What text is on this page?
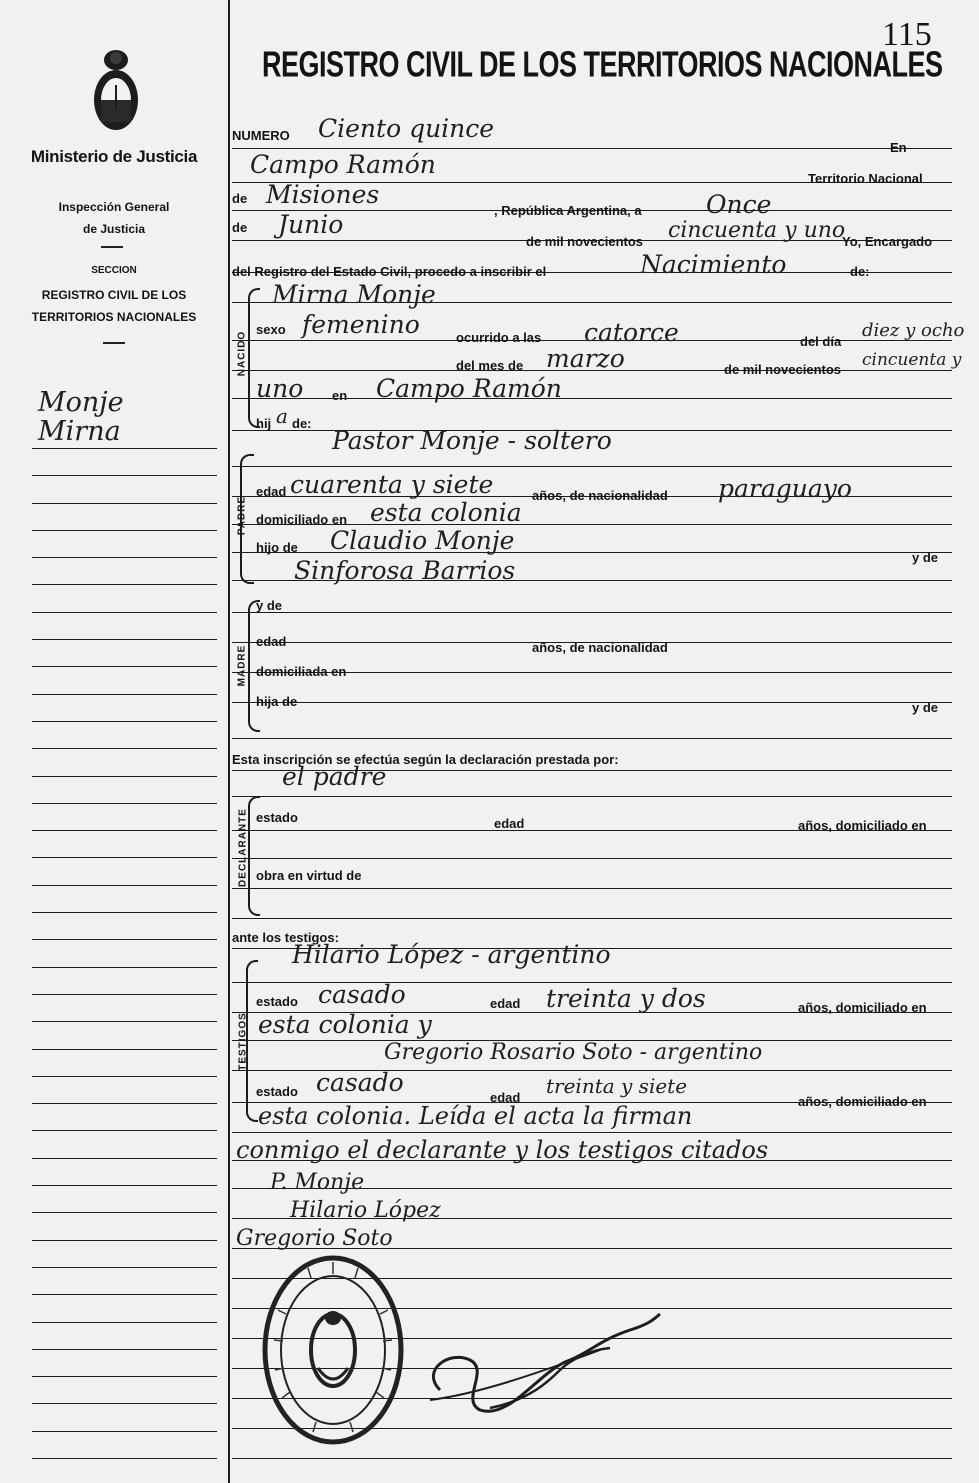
Ministerio de Justicia
Inspección General
de Justicia
SECCION
REGISTRO CIVIL DE LOS
TERRITORIOS NACIONALES
Monje
Mirna
115
REGISTRO CIVIL DE LOS TERRITORIOS NACIONALES
NUMERO Ciento quince
En
Campo Ramón	Territorio Nacional
de Misiones
, República Argentina, a	Once
de Junio
de mil novecientos cincuenta y uno
Yo, Encargado
del Registro del Estado Civil, procedo a inscribir el	Nacimiento	de:
NACIDO
Mirna Monje
sexo femenino	ocurrido a las catorce	del día
diez y ocho
del mes de marzo	de mil novecientos cincuenta y
uno en Campo Ramón
hij a de:
PADRE
Pastor Monje - soltero
edad cuarenta y siete	años, de nacionalidad paraguayo
domiciliado en esta colonia
hijo de Claudio Monje
y de
Sinforosa Barrios
MADRE
y de
edad	años, de nacionalidad
domiciliada en
hija de	y de
Esta inscripción se efectúa según la declaración prestada por:
el padre
DECLARANTE estado	edad	años, domiciliado en
obra en virtud de
ante los testigos:
TESTIGOS
Hilario López - argentino
estado casado	edad treinta y dos	años, domiciliado en
esta colonia y
Gregorio Rosario Soto - argentino
estado casado
edad treinta y siete
años, domiciliado en
esta colonia. Leída el acta la firman
conmigo el declarante y los testigos citados
P. Monje
Hilario López
Gregorio Soto
